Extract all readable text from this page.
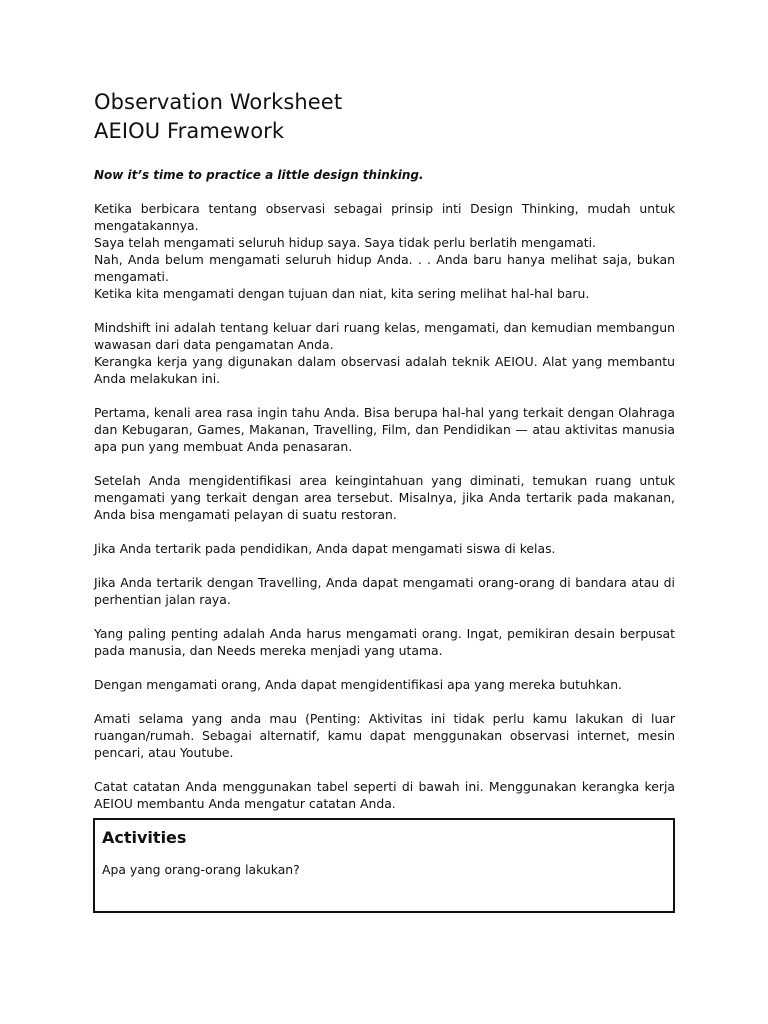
Observation Worksheet
AEIOU Framework

Now it’s time to practice a little design thinking.

Ketika berbicara tentang observasi sebagai prinsip inti Design Thinking, mudah untuk mengatakannya.
Saya telah mengamati seluruh hidup saya. Saya tidak perlu berlatih mengamati.
Nah, Anda belum mengamati seluruh hidup Anda. . . Anda baru hanya melihat saja, bukan mengamati.
Ketika kita mengamati dengan tujuan dan niat, kita sering melihat hal-hal baru.

Mindshift ini adalah tentang keluar dari ruang kelas, mengamati, dan kemudian membangun wawasan dari data pengamatan Anda.
Kerangka kerja yang digunakan dalam observasi adalah teknik AEIOU. Alat yang membantu Anda melakukan ini.

Pertama, kenali area rasa ingin tahu Anda. Bisa berupa hal-hal yang terkait dengan Olahraga dan Kebugaran, Games, Makanan, Travelling, Film, dan Pendidikan — atau aktivitas manusia apa pun yang membuat Anda penasaran.

Setelah Anda mengidentifikasi area keingintahuan yang diminati, temukan ruang untuk mengamati yang terkait dengan area tersebut. Misalnya, jika Anda tertarik pada makanan, Anda bisa mengamati pelayan di suatu restoran.

Jika Anda tertarik pada pendidikan, Anda dapat mengamati siswa di kelas.

Jika Anda tertarik dengan Travelling, Anda dapat mengamati orang-orang di bandara atau di perhentian jalan raya.

Yang paling penting adalah Anda harus mengamati orang. Ingat, pemikiran desain berpusat pada manusia, dan Needs mereka menjadi yang utama.

Dengan mengamati orang, Anda dapat mengidentifikasi apa yang mereka butuhkan.

Amati selama yang anda mau (Penting: Aktivitas ini tidak perlu kamu lakukan di luar ruangan/rumah. Sebagai alternatif, kamu dapat menggunakan observasi internet, mesin pencari, atau Youtube.

Catat catatan Anda menggunakan tabel seperti di bawah ini. Menggunakan kerangka kerja AEIOU membantu Anda mengatur catatan Anda.

Activities

Apa yang orang-orang lakukan?
